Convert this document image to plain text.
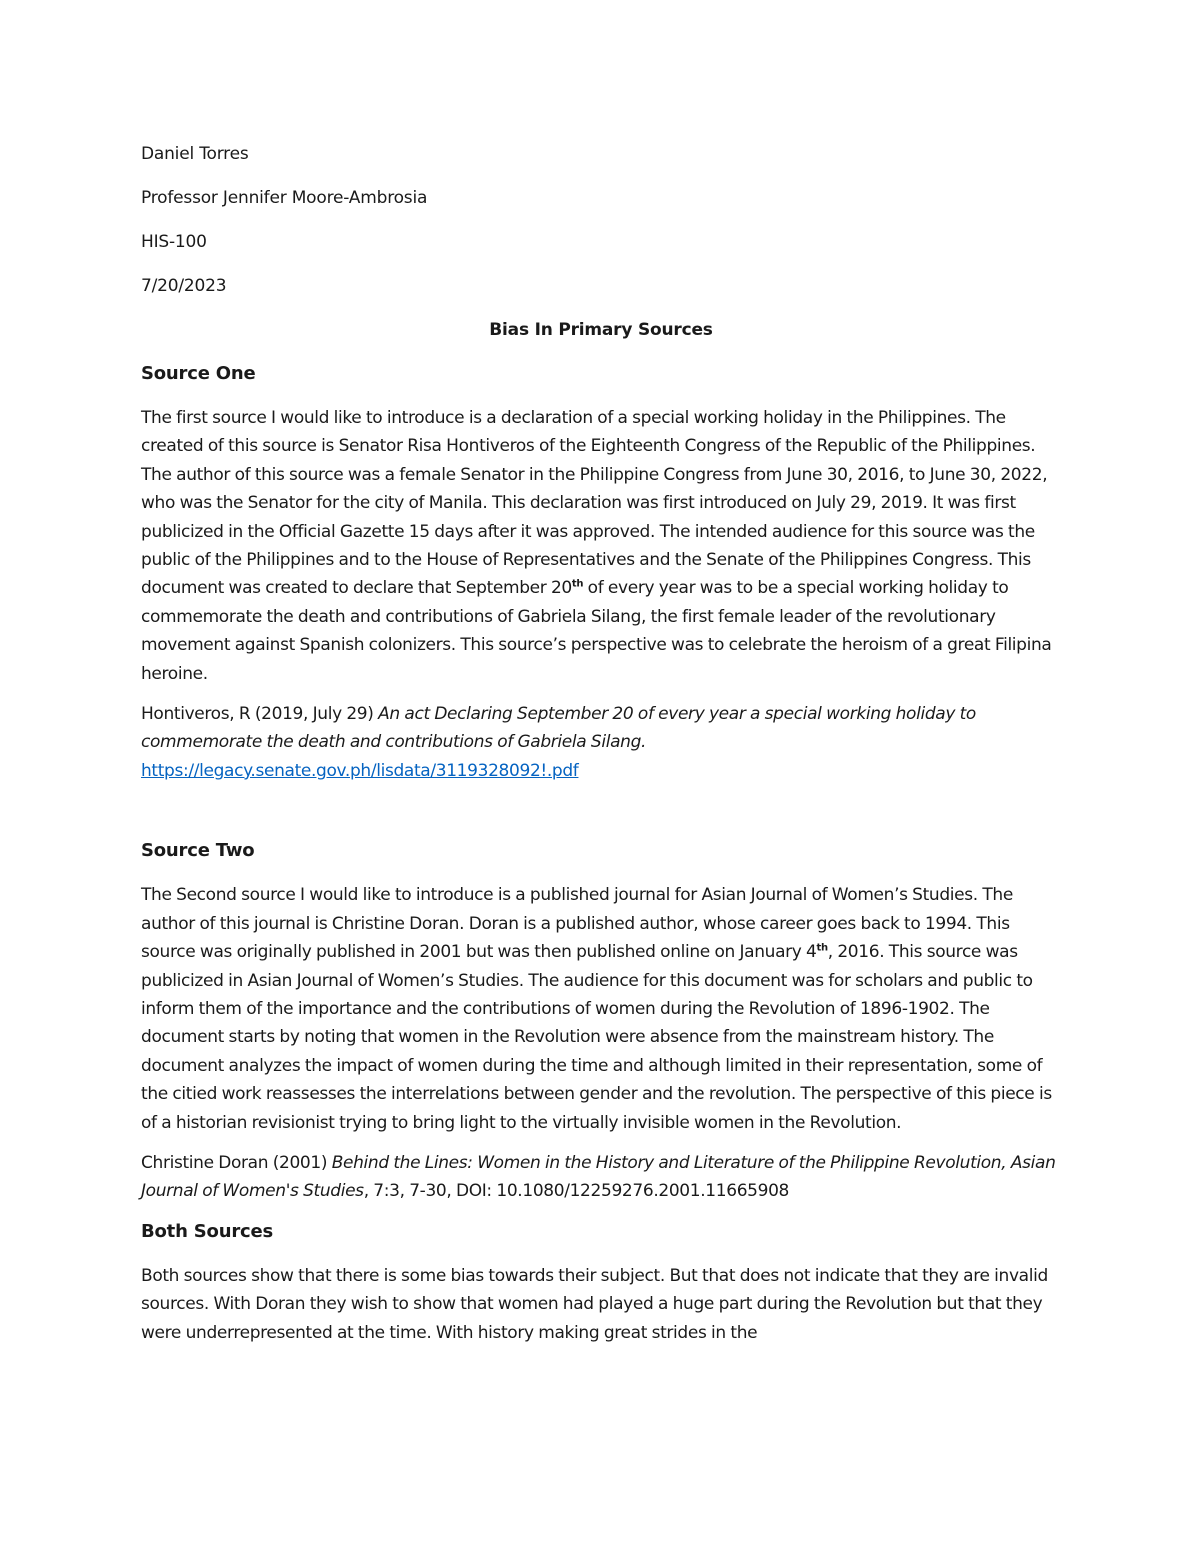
Daniel Torres

Professor Jennifer Moore-Ambrosia

HIS-100

7/20/2023

Bias In Primary Sources

Source One

The first source I would like to introduce is a declaration of a special working holiday in the Philippines. The created of this source is Senator Risa Hontiveros of the Eighteenth Congress of the Republic of the Philippines. The author of this source was a female Senator in the Philippine Congress from June 30, 2016, to June 30, 2022, who was the Senator for the city of Manila. This declaration was first introduced on July 29, 2019. It was first publicized in the Official Gazette 15 days after it was approved. The intended audience for this source was the public of the Philippines and to the House of Representatives and the Senate of the Philippines Congress. This document was created to declare that September 20th of every year was to be a special working holiday to commemorate the death and contributions of Gabriela Silang, the first female leader of the revolutionary movement against Spanish colonizers. This source’s perspective was to celebrate the heroism of a great Filipina heroine.

Hontiveros, R (2019, July 29) An act Declaring September 20 of every year a special working holiday to commemorate the death and contributions of Gabriela Silang.
https://legacy.senate.gov.ph/lisdata/3119328092!.pdf

Source Two

The Second source I would like to introduce is a published journal for Asian Journal of Women’s Studies. The author of this journal is Christine Doran. Doran is a published author, whose career goes back to 1994. This source was originally published in 2001 but was then published online on January 4th, 2016. This source was publicized in Asian Journal of Women’s Studies. The audience for this document was for scholars and public to inform them of the importance and the contributions of women during the Revolution of 1896-1902. The document starts by noting that women in the Revolution were absence from the mainstream history. The document analyzes the impact of women during the time and although limited in their representation, some of the citied work reassesses the interrelations between gender and the revolution. The perspective of this piece is of a historian revisionist trying to bring light to the virtually invisible women in the Revolution.

Christine Doran (2001) Behind the Lines: Women in the History and Literature of the Philippine Revolution, Asian Journal of Women's Studies, 7:3, 7-30, DOI: 10.1080/12259276.2001.11665908

Both Sources

Both sources show that there is some bias towards their subject. But that does not indicate that they are invalid sources. With Doran they wish to show that women had played a huge part during the Revolution but that they were underrepresented at the time. With history making great strides in the
